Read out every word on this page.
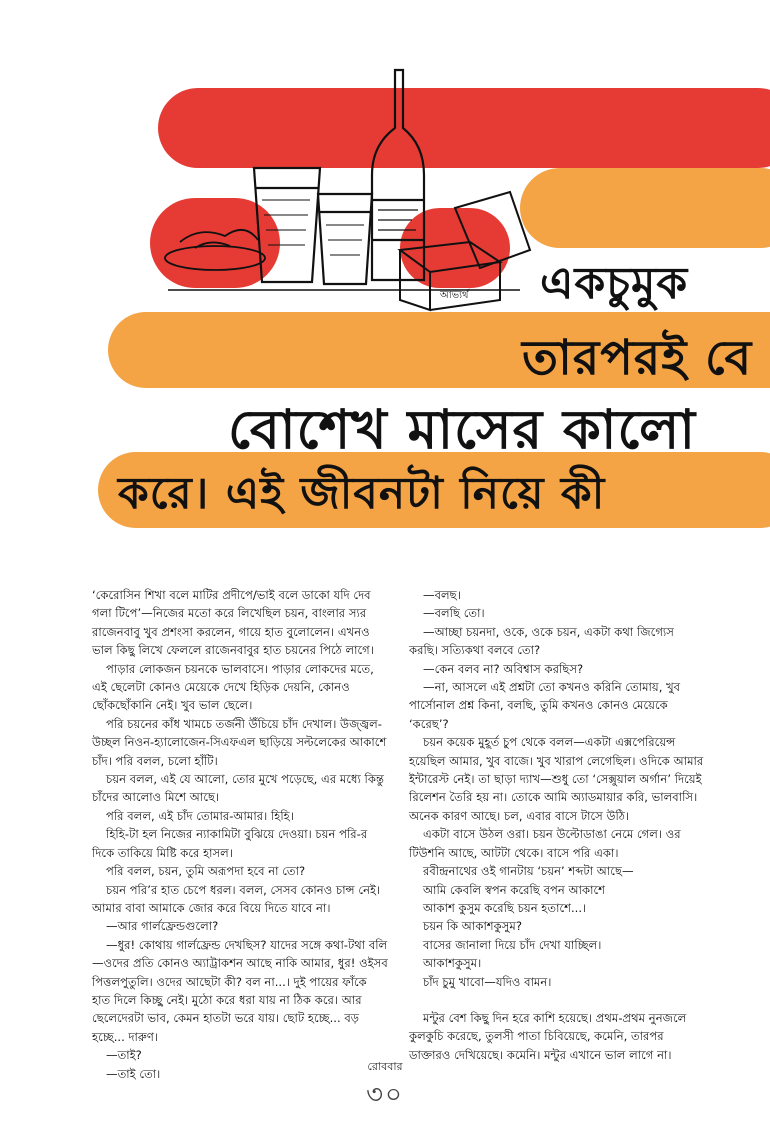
আভ্যর্থ একচুমুক
তারপরই বে
বোশেখ মাসের কালো
করে। এই জীবনটা নিয়ে কী

‘কেরোসিন শিখা বলে মাটির প্রদীপে/ভাই বলে ডাকো যদি দেব গলা টিপে’—নিজের মতো করে লিখেছিল চয়ন, বাংলার স্যর রাজেনবাবু খুব প্রশংসা করলেন, গায়ে হাত বুলোলেন। এখনও ভাল কিছু লিখে ফেললে রাজেনবাবুর হাত চয়নের পিঠে লাগে।

পাড়ার লোকজন চয়নকে ভালবাসে। পাড়ার লোকদের মতে, এই ছেলেটা কোনও মেয়েকে দেখে হিড়িক দেয়নি, কোনও ছোঁকছোঁকানি নেই। খুব ভাল ছেলে।

পরি চয়নের কাঁধ খামচে তর্জনী উঁচিয়ে চাঁদ দেখাল। উজ্জ্বল-উচ্ছল নিওন-হ্যালোজেন-সিএফএল ছাড়িয়ে সল্টলেকের আকাশে চাঁদ। পরি বলল, চলো হাঁটি।

চয়ন বলল, এই যে আলো, তোর মুখে পড়েছে, এর মধ্যে কিন্তু চাঁদের আলোও মিশে আছে।

পরি বলল, এই চাঁদ তোমার-আমার। হিহি।

হিহি-টা হল নিজের ন্যাকামিটা বুঝিয়ে দেওয়া। চয়ন পরি-র দিকে তাকিয়ে মিষ্টি করে হাসল।

পরি বলল, চয়ন, তুমি অরূপদা হবে না তো?

চয়ন পরি’র হাত চেপে ধরল। বলল, সেসব কোনও চান্স নেই। আমার বাবা আমাকে জোর করে বিয়ে দিতে যাবে না।

—আর গার্লফ্রেন্ডগুলো?

—ধুর! কোথায় গার্লফ্রেন্ড দেখছিস? যাদের সঙ্গে কথা-টথা বলি—ওদের প্রতি কোনও অ্যাট্রাকশন আছে নাকি আমার, ধুর! ওইসব পিত্তলপুতুলি। ওদের আছেটা কী? বল না...। দুই পায়ের ফাঁকে হাত দিলে কিচ্ছু নেই। মুঠো করে ধরা যায় না ঠিক করে। আর ছেলেদেরটা ভাব, কেমন হাতটা ভরে যায়। ছোট হচ্ছে... বড় হচ্ছে... দারুণ।

—তাই?

—তাই তো।

—বলছ।

—বলছি তো।

—আচ্ছা চয়নদা, ওকে, ওকে চয়ন, একটা কথা জিগ্যেস করছি। সত্যিকথা বলবে তো?

—কেন বলব না? অবিশ্বাস করছিস?

—না, আসলে এই প্রশ্নটা তো কখনও করিনি তোমায়, খুব পার্সোনাল প্রশ্ন কিনা, বলছি, তুমি কখনও কোনও মেয়েকে ‘করেছ’?

চয়ন কয়েক মুহূর্ত চুপ থেকে বলল—একটা এক্সপেরিয়েন্স হয়েছিল আমার, খুব বাজে। খুব খারাপ লেগেছিল। ওদিকে আমার ইন্টারেস্ট নেই। তা ছাড়া দ্যাখ—শুধু তো ‘সেক্সুয়াল অর্গান’ দিয়েই রিলেশন তৈরি হয় না। তোকে আমি অ্যাডমায়ার করি, ভালবাসি। অনেক কারণ আছে। চল, এবার বাসে টাসে উঠি।

একটা বাসে উঠল ওরা। চয়ন উল্টোডাঙা নেমে গেল। ওর টিউশনি আছে, আটটা থেকে। বাসে পরি একা।

রবীন্দ্রনাথের ওই গানটায় ‘চয়ন’ শব্দটা আছে—

আমি কেবলি স্বপন করেছি বপন আকাশে

আকাশ কুসুম করেছি চয়ন হতাশে...।

চয়ন কি আকাশকুসুম?

বাসের জানালা দিয়ে চাঁদ দেখা যাচ্ছিল।

আকাশকুসুম।

চাঁদ চুমু খাবো—যদিও বামন।

মন্টুর বেশ কিছু দিন হরে কাশি হয়েছে। প্রথম-প্রথম নুনজলে কুলকুচি করেছে, তুলসী পাতা চিবিয়েছে, কমেনি, তারপর ডাক্তারও দেখিয়েছে। কমেনি। মন্টুর এখানে ভাল লাগে না।

রোববার
৩০
